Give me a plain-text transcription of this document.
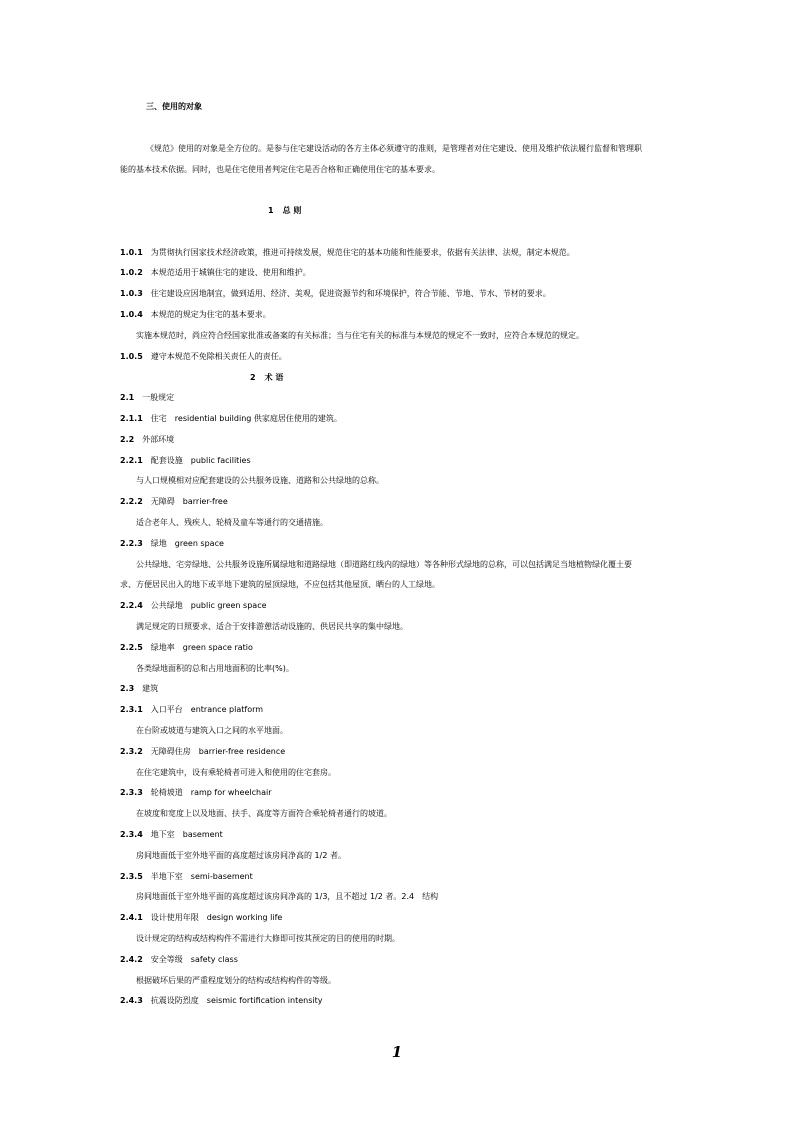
三、使用的对象
《规范》使用的对象是全方位的。是参与住宅建设活动的各方主体必须遵守的准则，是管理者对住宅建设、使用及维护依法履行监督和管理职
能的基本技术依据。同时，也是住宅使用者判定住宅是否合格和正确使用住宅的基本要求。
1 总 则
1.0.1 为贯彻执行国家技术经济政策，推进可持续发展，规范住宅的基本功能和性能要求，依据有关法律、法规，制定本规范。
1.0.2 本规范适用于城镇住宅的建设、使用和维护。
1.0.3 住宅建设应因地制宜，做到适用、经济、美观，促进资源节约和环境保护，符合节能、节地、节水、节材的要求。
1.0.4 本规范的规定为住宅的基本要求。
实施本规范时，尚应符合经国家批准或备案的有关标准；当与住宅有关的标准与本规范的规定不一致时，应符合本规范的规定。
1.0.5 遵守本规范不免除相关责任人的责任。
2 术 语
2.1 一般规定
2.1.1 住宅　residential building 供家庭居住使用的建筑。
2.2 外部环境
2.2.1 配套设施　public facilities
与人口规模相对应配套建设的公共服务设施、道路和公共绿地的总称。
2.2.2 无障碍　barrier-free
适合老年人、残疾人、轮椅及童车等通行的交通措施。
2.2.3 绿地　green space
公共绿地、宅旁绿地、公共服务设施所属绿地和道路绿地（即道路红线内的绿地）等各种形式绿地的总称，可以包括满足当地植物绿化覆土要
求、方便居民出入的地下或半地下建筑的屋顶绿地，不应包括其他屋顶、晒台的人工绿地。
2.2.4 公共绿地　public green space
满足规定的日照要求、适合于安排游憩活动设施的、供居民共享的集中绿地。
2.2.5 绿地率　green space ratio
各类绿地面积的总和占用地面积的比率(%)。
2.3 建筑
2.3.1 入口平台　entrance platform
在台阶或坡道与建筑入口之间的水平地面。
2.3.2 无障碍住房　barrier-free residence
在住宅建筑中，设有乘轮椅者可进入和使用的住宅套房。
2.3.3 轮椅坡道　ramp for wheelchair
在坡度和宽度上以及地面、扶手、高度等方面符合乘轮椅者通行的坡道。
2.3.4 地下室　basement
房间地面低于室外地平面的高度超过该房间净高的 1/2 者。
2.3.5 半地下室　semi-basement
房间地面低于室外地平面的高度超过该房间净高的 1/3，且不超过 1/2 者。2.4　结构
2.4.1 设计使用年限　design working life
设计规定的结构或结构构件不需进行大修即可按其预定的目的使用的时期。
2.4.2 安全等级　safety class
根据破坏后果的严重程度划分的结构或结构构件的等级。
2.4.3 抗震设防烈度　seismic fortification intensity
1
